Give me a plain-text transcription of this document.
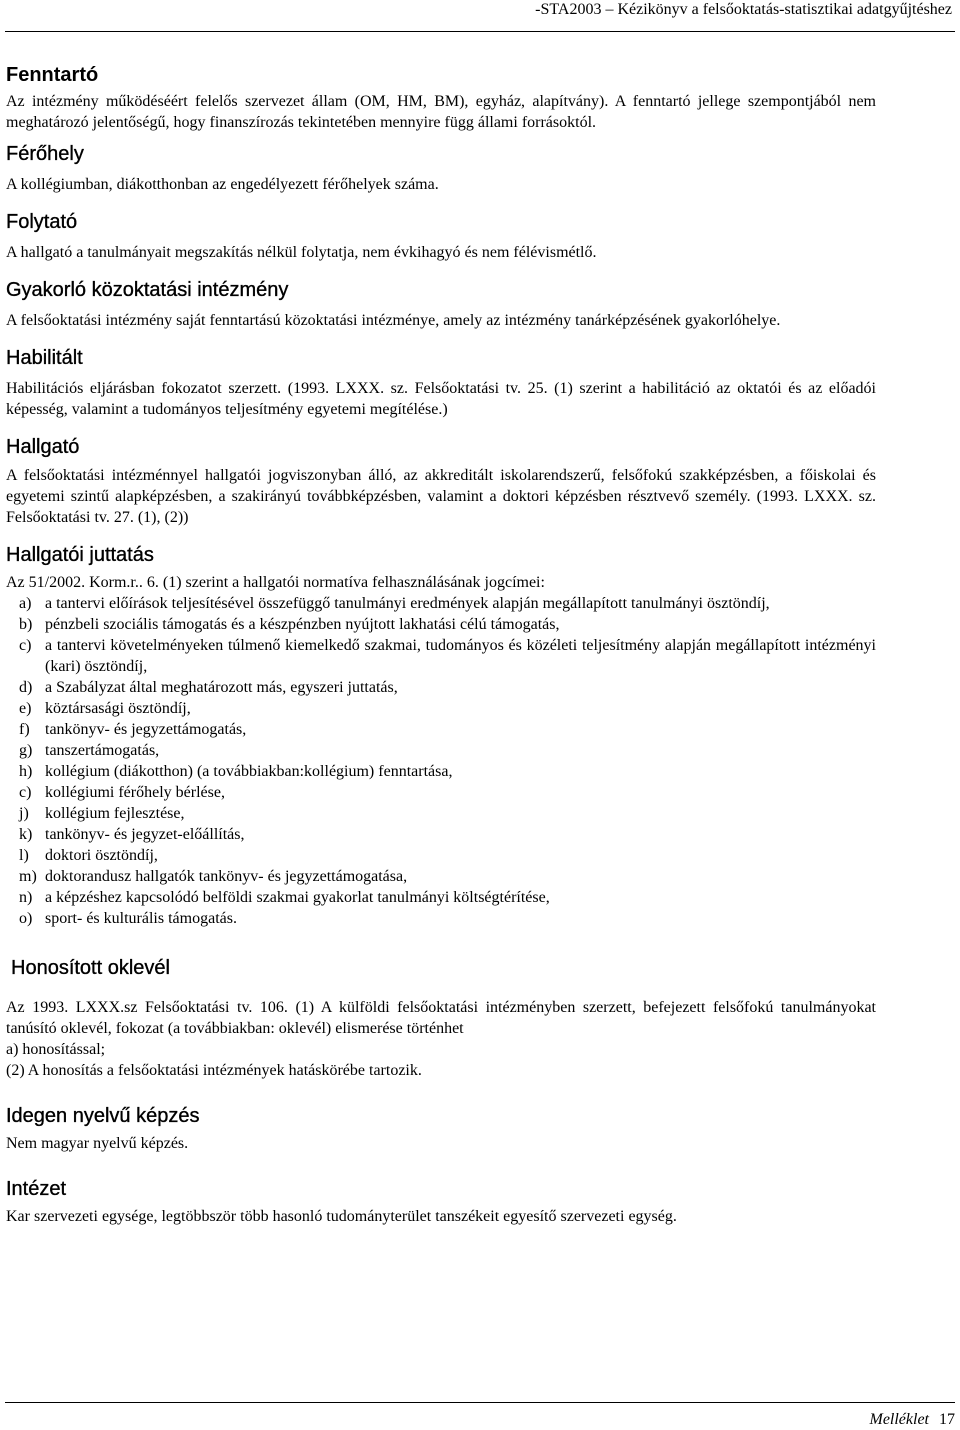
-STA2003 – Kézikönyv a felsőoktatás-statisztikai adatgyűjtéshez
Fenntartó

Az intézmény működéséért felelős szervezet állam (OM, HM, BM), egyház, alapítvány). A fenntartó jellege szempontjából nem meghatározó jelentőségű, hogy finanszírozás tekintetében mennyire függ állami forrásoktól.

Férőhely

A kollégiumban, diákotthonban az engedélyezett férőhelyek száma.

Folytató

A hallgató a tanulmányait megszakítás nélkül folytatja, nem évkihagyó és nem félévismétlő.

Gyakorló közoktatási intézmény

A felsőoktatási intézmény saját fenntartású közoktatási intézménye, amely az intézmény tanárképzésének gyakorlóhelye.

Habilitált

Habilitációs eljárásban fokozatot szerzett. (1993. LXXX. sz. Felsőoktatási tv. 25. (1) szerint a habilitáció az oktatói és az előadói képesség, valamint a tudományos teljesítmény egyetemi megítélése.)

Hallgató

A felsőoktatási intézménnyel hallgatói jogviszonyban álló, az akkreditált iskolarendszerű, felsőfokú szakképzésben, a főiskolai és egyetemi szintű alapképzésben, a szakirányú továbbképzésben, valamint a doktori képzésben résztvevő személy. (1993. LXXX. sz. Felsőoktatási tv. 27. (1), (2))

Hallgatói juttatás

Az 51/2002. Korm.r.. 6. (1) szerint a hallgatói normatíva felhasználásának jogcímei:

a) a tantervi előírások teljesítésével összefüggő tanulmányi eredmények alapján megállapított tanulmányi ösztöndíj,
b) pénzbeli szociális támogatás és a készpénzben nyújtott lakhatási célú támogatás,
c) a tantervi követelményeken túlmenő kiemelkedő szakmai, tudományos és közéleti teljesítmény alapján megállapított intézményi (kari) ösztöndíj,
d) a Szabályzat által meghatározott más, egyszeri juttatás,
e) köztársasági ösztöndíj,
f) tankönyv- és jegyzettámogatás,
g) tanszertámogatás,
h) kollégium (diákotthon) (a továbbiakban:kollégium) fenntartása,
c) kollégiumi férőhely bérlése,
j)	kollégium fejlesztése,
k) tankönyv- és jegyzet-előállítás,
l)	doktori ösztöndíj,
m) doktorandusz hallgatók tankönyv- és jegyzettámogatása,
n) a képzéshez kapcsolódó belföldi szakmai gyakorlat tanulmányi költségtérítése,
o) sport- és kulturális támogatás.
Honosított oklevél

Az 1993. LXXX.sz Felsőoktatási tv. 106. (1) A külföldi felsőoktatási intézményben szerzett, befejezett felsőfokú tanulmányokat tanúsító oklevél, fokozat (a továbbiakban: oklevél) elismerése történhet

a) honosítással;

(2) A honosítás a felsőoktatási intézmények hatáskörébe tartozik.

Idegen nyelvű képzés

Nem magyar nyelvű képzés.

Intézet

Kar szervezeti egysége, legtöbbször több hasonló tudományterület tanszékeit egyesítő szervezeti egység.

Melléklet 17
